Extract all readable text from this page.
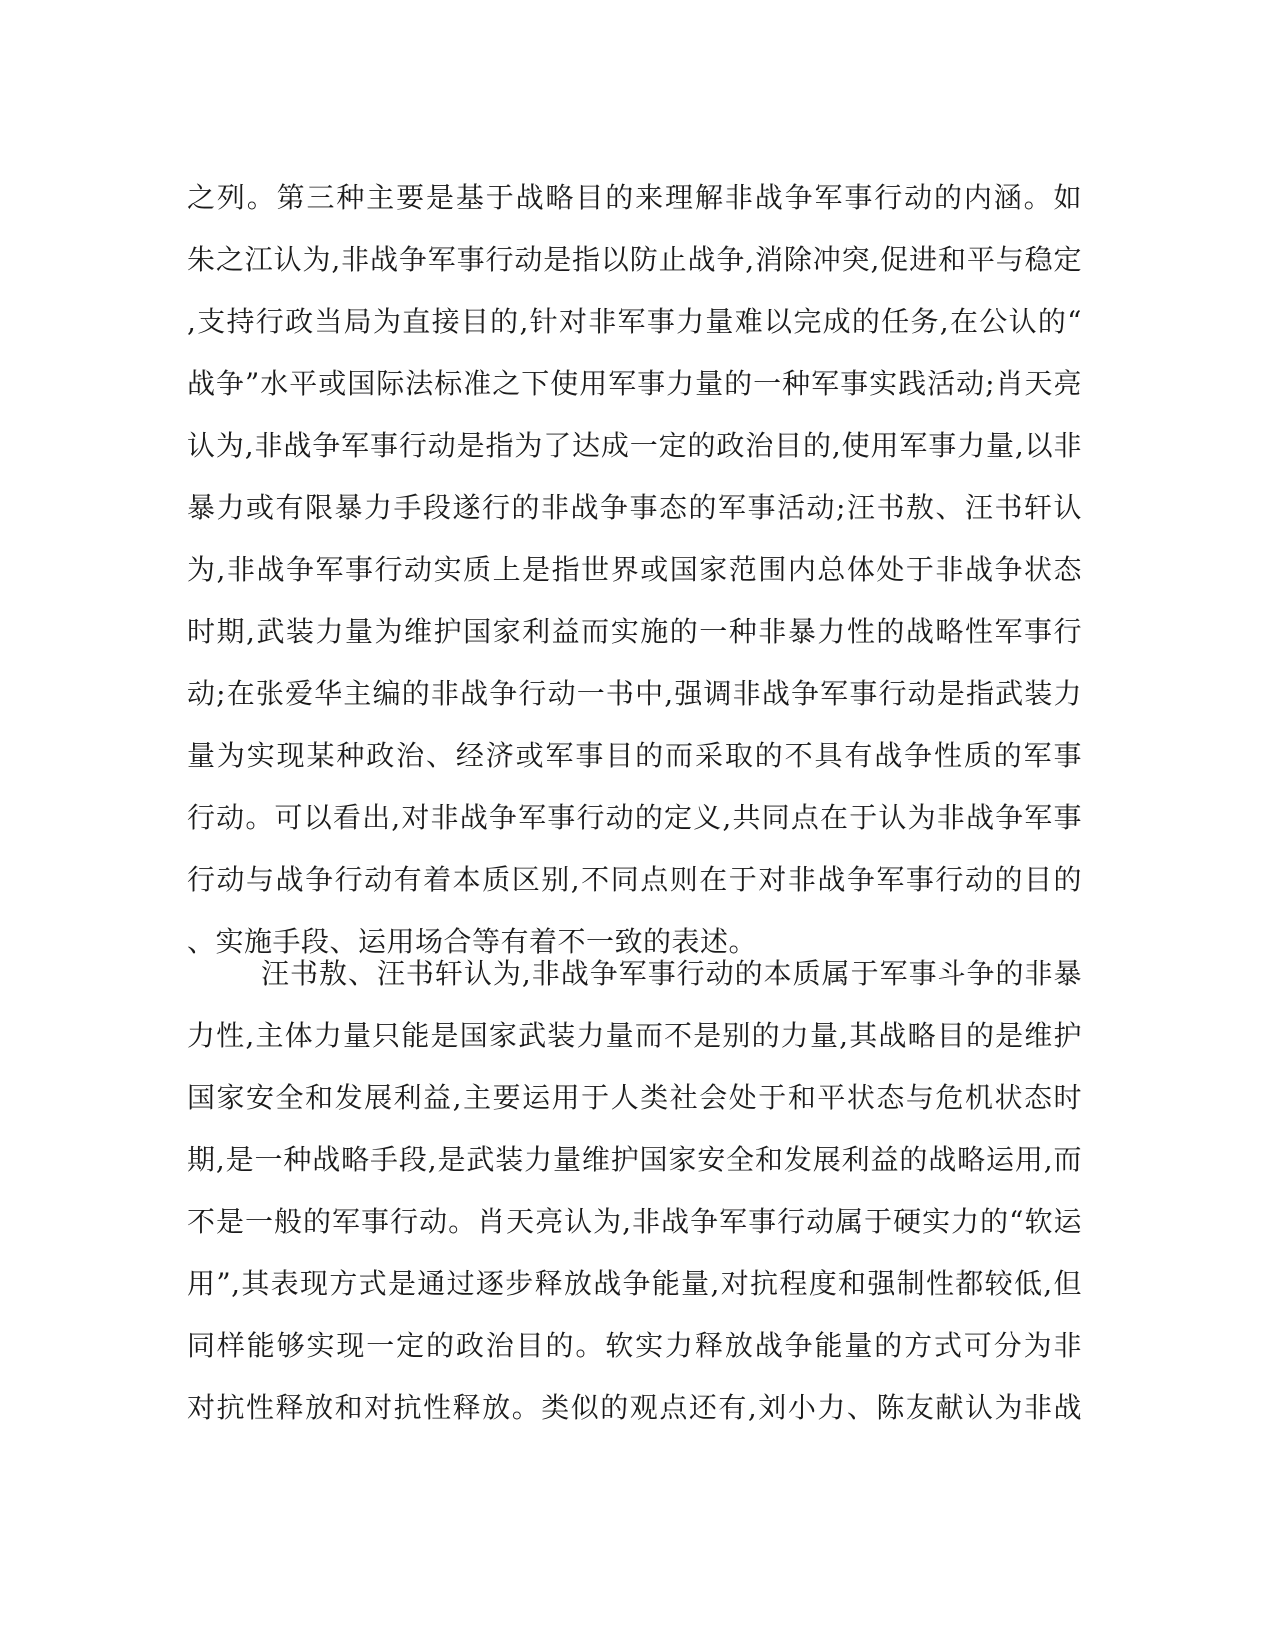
之列。第三种主要是基于战略目的来理解非战争军事行动的内涵。如
朱之江认为,非战争军事行动是指以防止战争,消除冲突,促进和平与稳定
,支持行政当局为直接目的,针对非军事力量难以完成的任务,在公认的“
战争”水平或国际法标准之下使用军事力量的一种军事实践活动;肖天亮
认为,非战争军事行动是指为了达成一定的政治目的,使用军事力量,以非
暴力或有限暴力手段遂行的非战争事态的军事活动;汪书敖、汪书轩认
为,非战争军事行动实质上是指世界或国家范围内总体处于非战争状态
时期,武装力量为维护国家利益而实施的一种非暴力性的战略性军事行
动;在张爱华主编的非战争行动一书中,强调非战争军事行动是指武装力
量为实现某种政治、经济或军事目的而采取的不具有战争性质的军事
行动。可以看出,对非战争军事行动的定义,共同点在于认为非战争军事
行动与战争行动有着本质区别,不同点则在于对非战争军事行动的目的
、实施手段、运用场合等有着不一致的表述。
汪书敖、汪书轩认为,非战争军事行动的本质属于军事斗争的非暴
力性,主体力量只能是国家武装力量而不是别的力量,其战略目的是维护
国家安全和发展利益,主要运用于人类社会处于和平状态与危机状态时
期,是一种战略手段,是武装力量维护国家安全和发展利益的战略运用,而
不是一般的军事行动。肖天亮认为,非战争军事行动属于硬实力的“软运
用”,其表现方式是通过逐步释放战争能量,对抗程度和强制性都较低,但
同样能够实现一定的政治目的。软实力释放战争能量的方式可分为非
对抗性释放和对抗性释放。类似的观点还有,刘小力、陈友献认为非战
